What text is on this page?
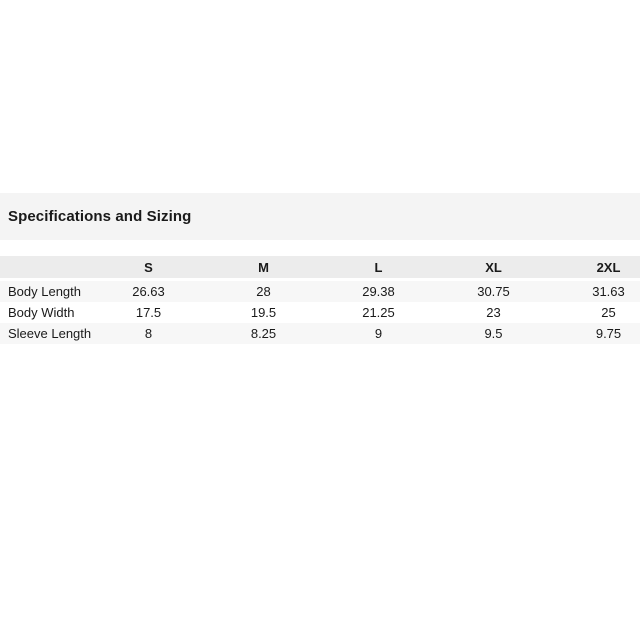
Specifications and Sizing
	S	M	L	XL	2XL
Body Length	26.63	28	29.38	30.75	31.63
Body Width	17.5	19.5	21.25	23	25
Sleeve Length	8	8.25	9	9.5	9.75
